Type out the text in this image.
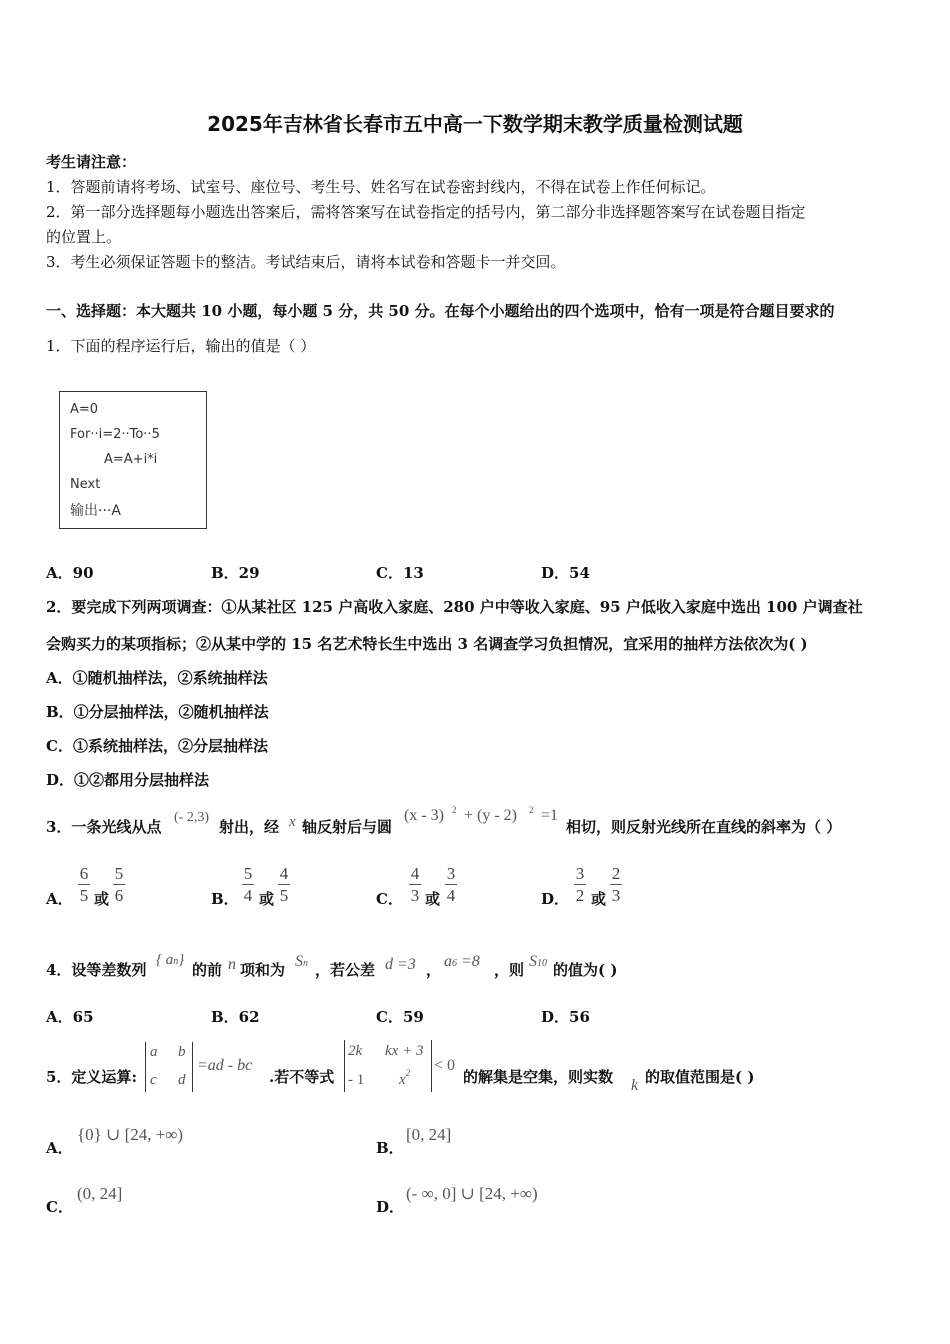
2025年吉林省长春市五中高一下数学期末教学质量检测试题
考生请注意：
1．答题前请将考场、试室号、座位号、考生号、姓名写在试卷密封线内，不得在试卷上作任何标记。
2．第一部分选择题每小题选出答案后，需将答案写在试卷指定的括号内，第二部分非选择题答案写在试卷题目指定
的位置上。
3．考生必须保证答题卡的整洁。考试结束后，请将本试卷和答题卡一并交回。
一、选择题：本大题共 10 小题，每小题 5 分，共 50 分。在每个小题给出的四个选项中，恰有一项是符合题目要求的
1．下面的程序运行后，输出的值是（ ）
A=0
For··i=2··To··5
A=A+i*i
Next
输出···A
A．90	B．29	C．13	D．54
2．要完成下列两项调查：①从某社区 125 户高收入家庭、280 户中等收入家庭、95 户低收入家庭中选出 100 户调查社
会购买力的某项指标；②从某中学的 15 名艺术特长生中选出 3 名调查学习负担情况，宜采用的抽样方法依次为( )
A．①随机抽样法，②系统抽样法
B．①分层抽样法，②随机抽样法
C．①系统抽样法，②分层抽样法
D．①②都用分层抽样法
3．一条光线从点
(- 2,3)
射出，经 x 轴反射后与圆
(x - 3) 2 + (y - 2) 2 =1
相切，则反射光线所在直线的斜率为（ ）
A．
6
5 或
5
6	B．
5
4 或
4
5	C．
4
3 或
3
4	D．
3
2 或
2
3
4．设等差数列
{ an}
的前 n 项和为 Sn ，若公差 d =3 ， a6 =8 ，则 S10 的值为( )
A．65	B．62	C．59	D．56
5．定义运算:
a b
c d
=ad - bc
.若不等式
2k kx + 3
- 1 $x^2 < 0$
的解集是空集，则实数 k 的取值范围是( )
A．
{0} ∪ [24, +∞)
B．
[0, 24]
C．
(0, 24]
D．
(- ∞, 0] ∪ [24, +∞)
